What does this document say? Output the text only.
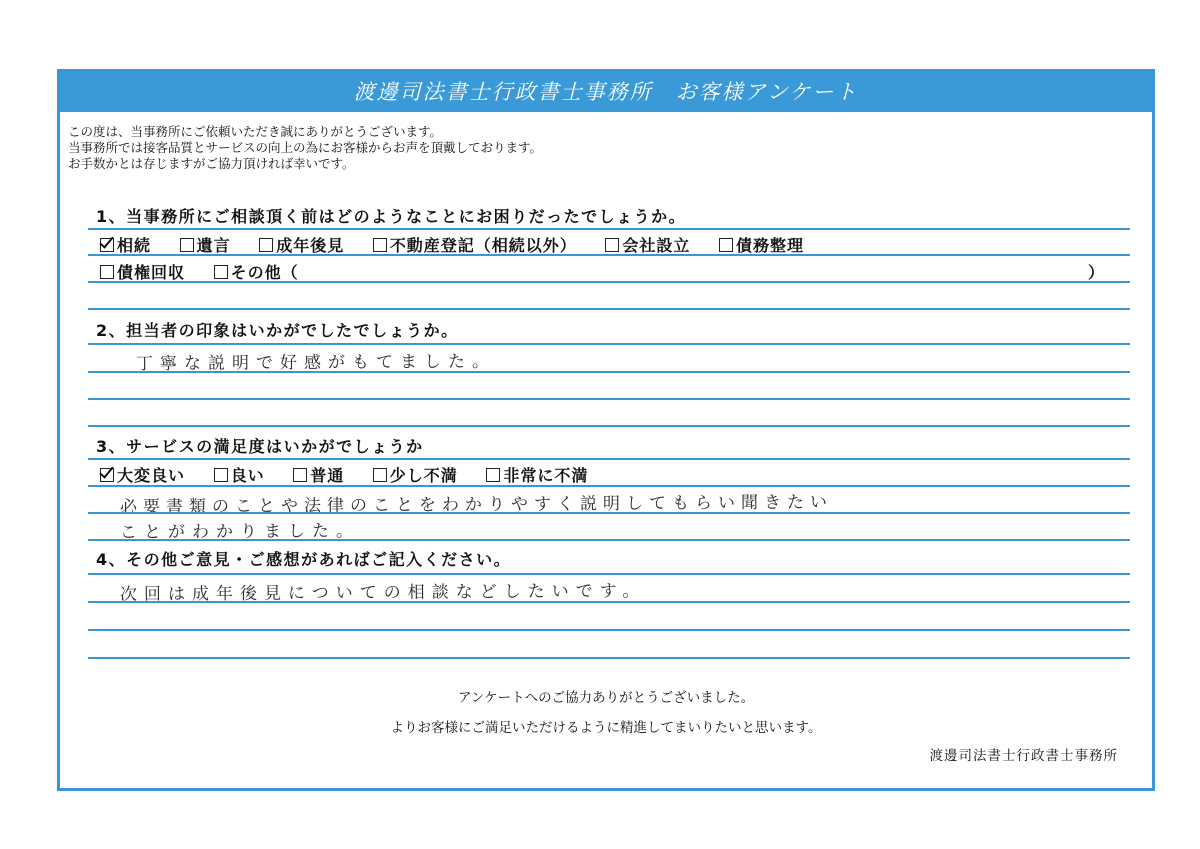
渡邊司法書士行政書士事務所　お客様アンケート
この度は、当事務所にご依頼いただき誠にありがとうございます。
当事務所では接客品質とサービスの向上の為にお客様からお声を頂戴しております。
お手数かとは存じますがご協力頂ければ幸いです。
1、当事務所にご相談頂く前はどのようなことにお困りだったでしょうか。
相続	遺言	成年後見	不動産登記（相続以外）	会社設立	債務整理
債権回収	その他（	）
2、担当者の印象はいかがでしたでしょうか。
丁寧な説明で好感がもてました。
3、サービスの満足度はいかがでしょうか
大変良い	良い	普通	少し不満	非常に不満
必要書類のことや法律のことをわかりやすく説明してもらい聞きたい
ことがわかりました。
4、その他ご意見・ご感想があればご記入ください。
次回は成年後見についての相談などしたいです。
アンケートへのご協力ありがとうございました。
よりお客様にご満足いただけるように精進してまいりたいと思います。
渡邊司法書士行政書士事務所
